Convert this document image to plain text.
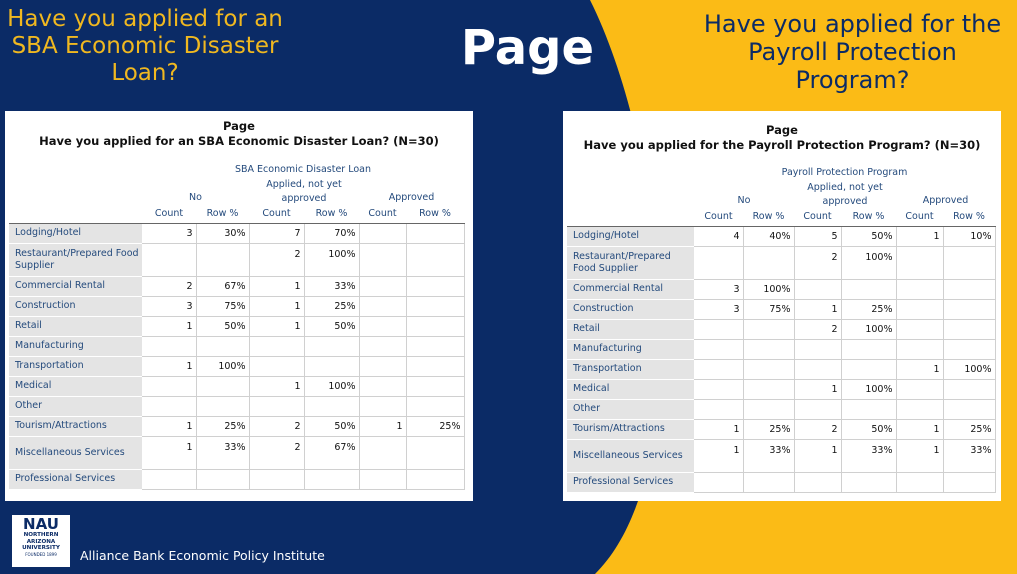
Have you applied for an SBA Economic Disaster Loan?	Page	Have you applied for the Payroll Protection Program?
Page
Have you applied for an SBA Economic Disaster Loan? (N=30)
	SBA Economic Disaster Loan					
	No		Applied, not yet		Approved	
			approved			
	Count	Row %	Count	Row %	Count	Row %
Lodging/Hotel	3	30%	7	70%		
Restaurant/Prepared Food Supplier			2	100%		
Commercial Rental	2	67%	1	33%		
Construction	3	75%	1	25%		
Retail	1	50%	1	50%		
Manufacturing						
Transportation	1	100%				
Medical			1	100%		
Other						
Tourism/Attractions	1	25%	2	50%	1	25%
Miscellaneous Services	1	33%	2	67%		
Professional Services						
Page
Have you applied for the Payroll Protection Program? (N=30)
	Payroll Protection Program					
	No		Applied, not yet		Approved	
			approved			
	Count	Row %	Count	Row %	Count	Row %
Lodging/Hotel	4	40%	5	50%	1	10%
Restaurant/Prepared Food Supplier			2	100%		
Commercial Rental	3	100%				
Construction	3	75%	1	25%		
Retail			2	100%		
Manufacturing						
Transportation					1	100%
Medical			1	100%		
Other						
Tourism/Attractions	1	25%	2	50%	1	25%
Miscellaneous Services	1	33%	1	33%	1	33%
Professional Services						
NAU
NORTHERN
ARIZONA
UNIVERSITY
FOUNDED 1899	Alliance Bank Economic Policy Institute
